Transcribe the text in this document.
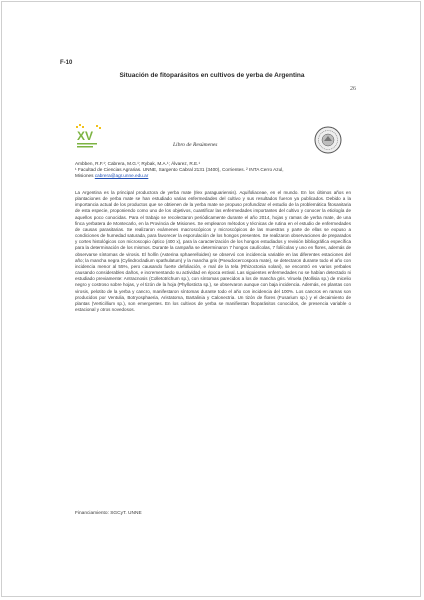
F-10
Situación de fitoparásitos en cultivos de yerba de Argentina
26
XV
Libro de Resúmenes
Ambben, R.F.¹; Cabrera, M.G.¹; Rybak, M.A.¹; Álvarez, R.E.¹
¹ Facultad de Ciencias Agrarias. UNNE, Sargento Cabral 2131 (3400), Corrientes. ² INTA Cerro Azul,
Misiones cabrera@agr.unne.edu.ar

La Argentina es la principal productora de yerba mate (Ilex paraguariensis). Aquifoliaceae, en el mundo. En los últimos años en plantaciones de yerba mate se han estudiado varias enfermedades del cultivo y sus resultados fueron ya publicados. Debido a la importancia actual de los productos que se obtienen de la yerba mate se propuso profundizar el estudio de la problemática fitosanitaria de esta especie, proponiendo como uno de los objetivos, cuantificar las enfermedades importantes del cultivo y conocer la etiología de aquellos poco conocidas. Para el trabajo se recolectaron periódicamente durante el año 2014, hojas y ramas de yerba mate, de una finca yerbatera de Montecarlo, en la Provincia de Misiones. Se emplearon métodos y técnicas de rutina en el estudio de enfermedades de causas parasitarias. Se realizaron exámenes macroscópicos y microscópicos de las muestras y parte de ellas se expuso a condiciones de humedad saturada, para favorecer la esporulación de los hongos presentes. Se realizaron observaciones de preparados y cortes histológicos con microscopio óptico (400 x), para la caracterización de los hongos estudiados y revisión bibliográfica específica para la determinación de los mismos. Durante la campaña se determinaron 7 hongos caulícolas, 7 foliícolas y uno en flores, además de observarse síntomas de virosis. El hollín (Asterina sphaerelloides) se observó con incidencia variable en las diferentes estaciones del año; la mancha negra (Cylindrocladium spathulatum) y la mancha gris (Pseudocercospora mate), se detectaron durante todo el año con incidencia menor al 55%, pero causando fuerte defoliación, e mal de la tela (Rhizoctonia solani), se encontró en varios yerbales causando considerables daños, e incrementando su actividad en época estival. Las siguientes enfermedades no se habían detectado ni estudiado previamente: Antracnosis (Colletotrichum sp.), con síntomas parecidos a los de mancha gris. Viruela (Mollisia sp.) de micelio negro y costroso sobre hojas, y el tizón de la hoja (Phyllosticta sp.), se observaron aunque con baja incidencia. Además, en plantas con virosis, pelotito de la yerba y cancro, manifestaron síntomas durante todo el año con incidencia del 100%. Los cancros en ramas son producidos por Ventulia, Botryosphaeria, Aristatoma, Bartalinia y Calonectria. Un tizón de flores (Fusarium sp.) y el decaimiento de plantas (Verticillium sp.), son emergentes. En los cultivos de yerba se manifiestan fitoparásitos conocidos, de presencia variable o estacional y otros novedosos.

Financiamiento: SGCyT. UNNE
